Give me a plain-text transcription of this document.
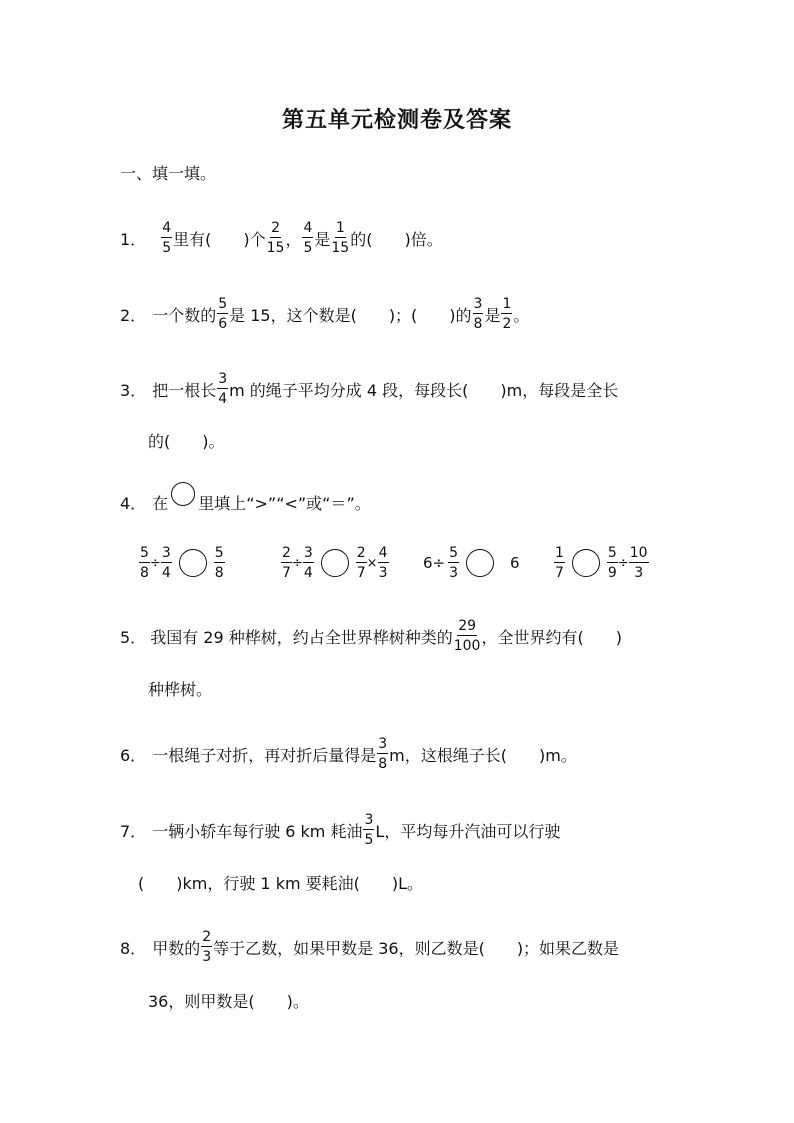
第五单元检测卷及答案
一、填一填。
1． $\frac{4}{5}$ 里有(　　)个 $\frac{2}{15}$ ， $\frac{4}{5}$ 是 $\frac{1}{15}$ 的(　　)倍。
2． 一个数的 $\frac{5}{6}$ 是 15，这个数是(　　)；(　　)的 $\frac{3}{8}$ 是 $\frac{1}{2}$ 。
3． 把一根长 $\frac{3}{4}$ m 的绳子平均分成 4 段，每段长(　　)m，每段是全长
的(　　)。
4． 在 里填上“>”“<”或“＝”。
$\frac{5}{8} \div \frac{3}{4}$	$\frac{5}{8}$	$\frac{2}{7} \div \frac{3}{4}$	$\frac{2}{7} \times \frac{4}{3} 6\div \frac{5}{3}$	$6 \frac{1}{7}$	$\frac{5}{9} \div \frac{10}{3}$
5． 我国有 29 种桦树，约占全世界桦树种类的 $\frac{29}{100}$ ，全世界约有(　　)
种桦树。
6． 一根绳子对折，再对折后量得是 $\frac{3}{8}$ m，这根绳子长(　　)m。
7． 一辆小轿车每行驶 6 km 耗油 $\frac{3}{5}$ L，平均每升汽油可以行驶
(　　)km，行驶 1 km 要耗油(　　)L。
8． 甲数的 $\frac{2}{3}$ 等于乙数，如果甲数是 36，则乙数是(　　)；如果乙数是
36，则甲数是(　　)。
